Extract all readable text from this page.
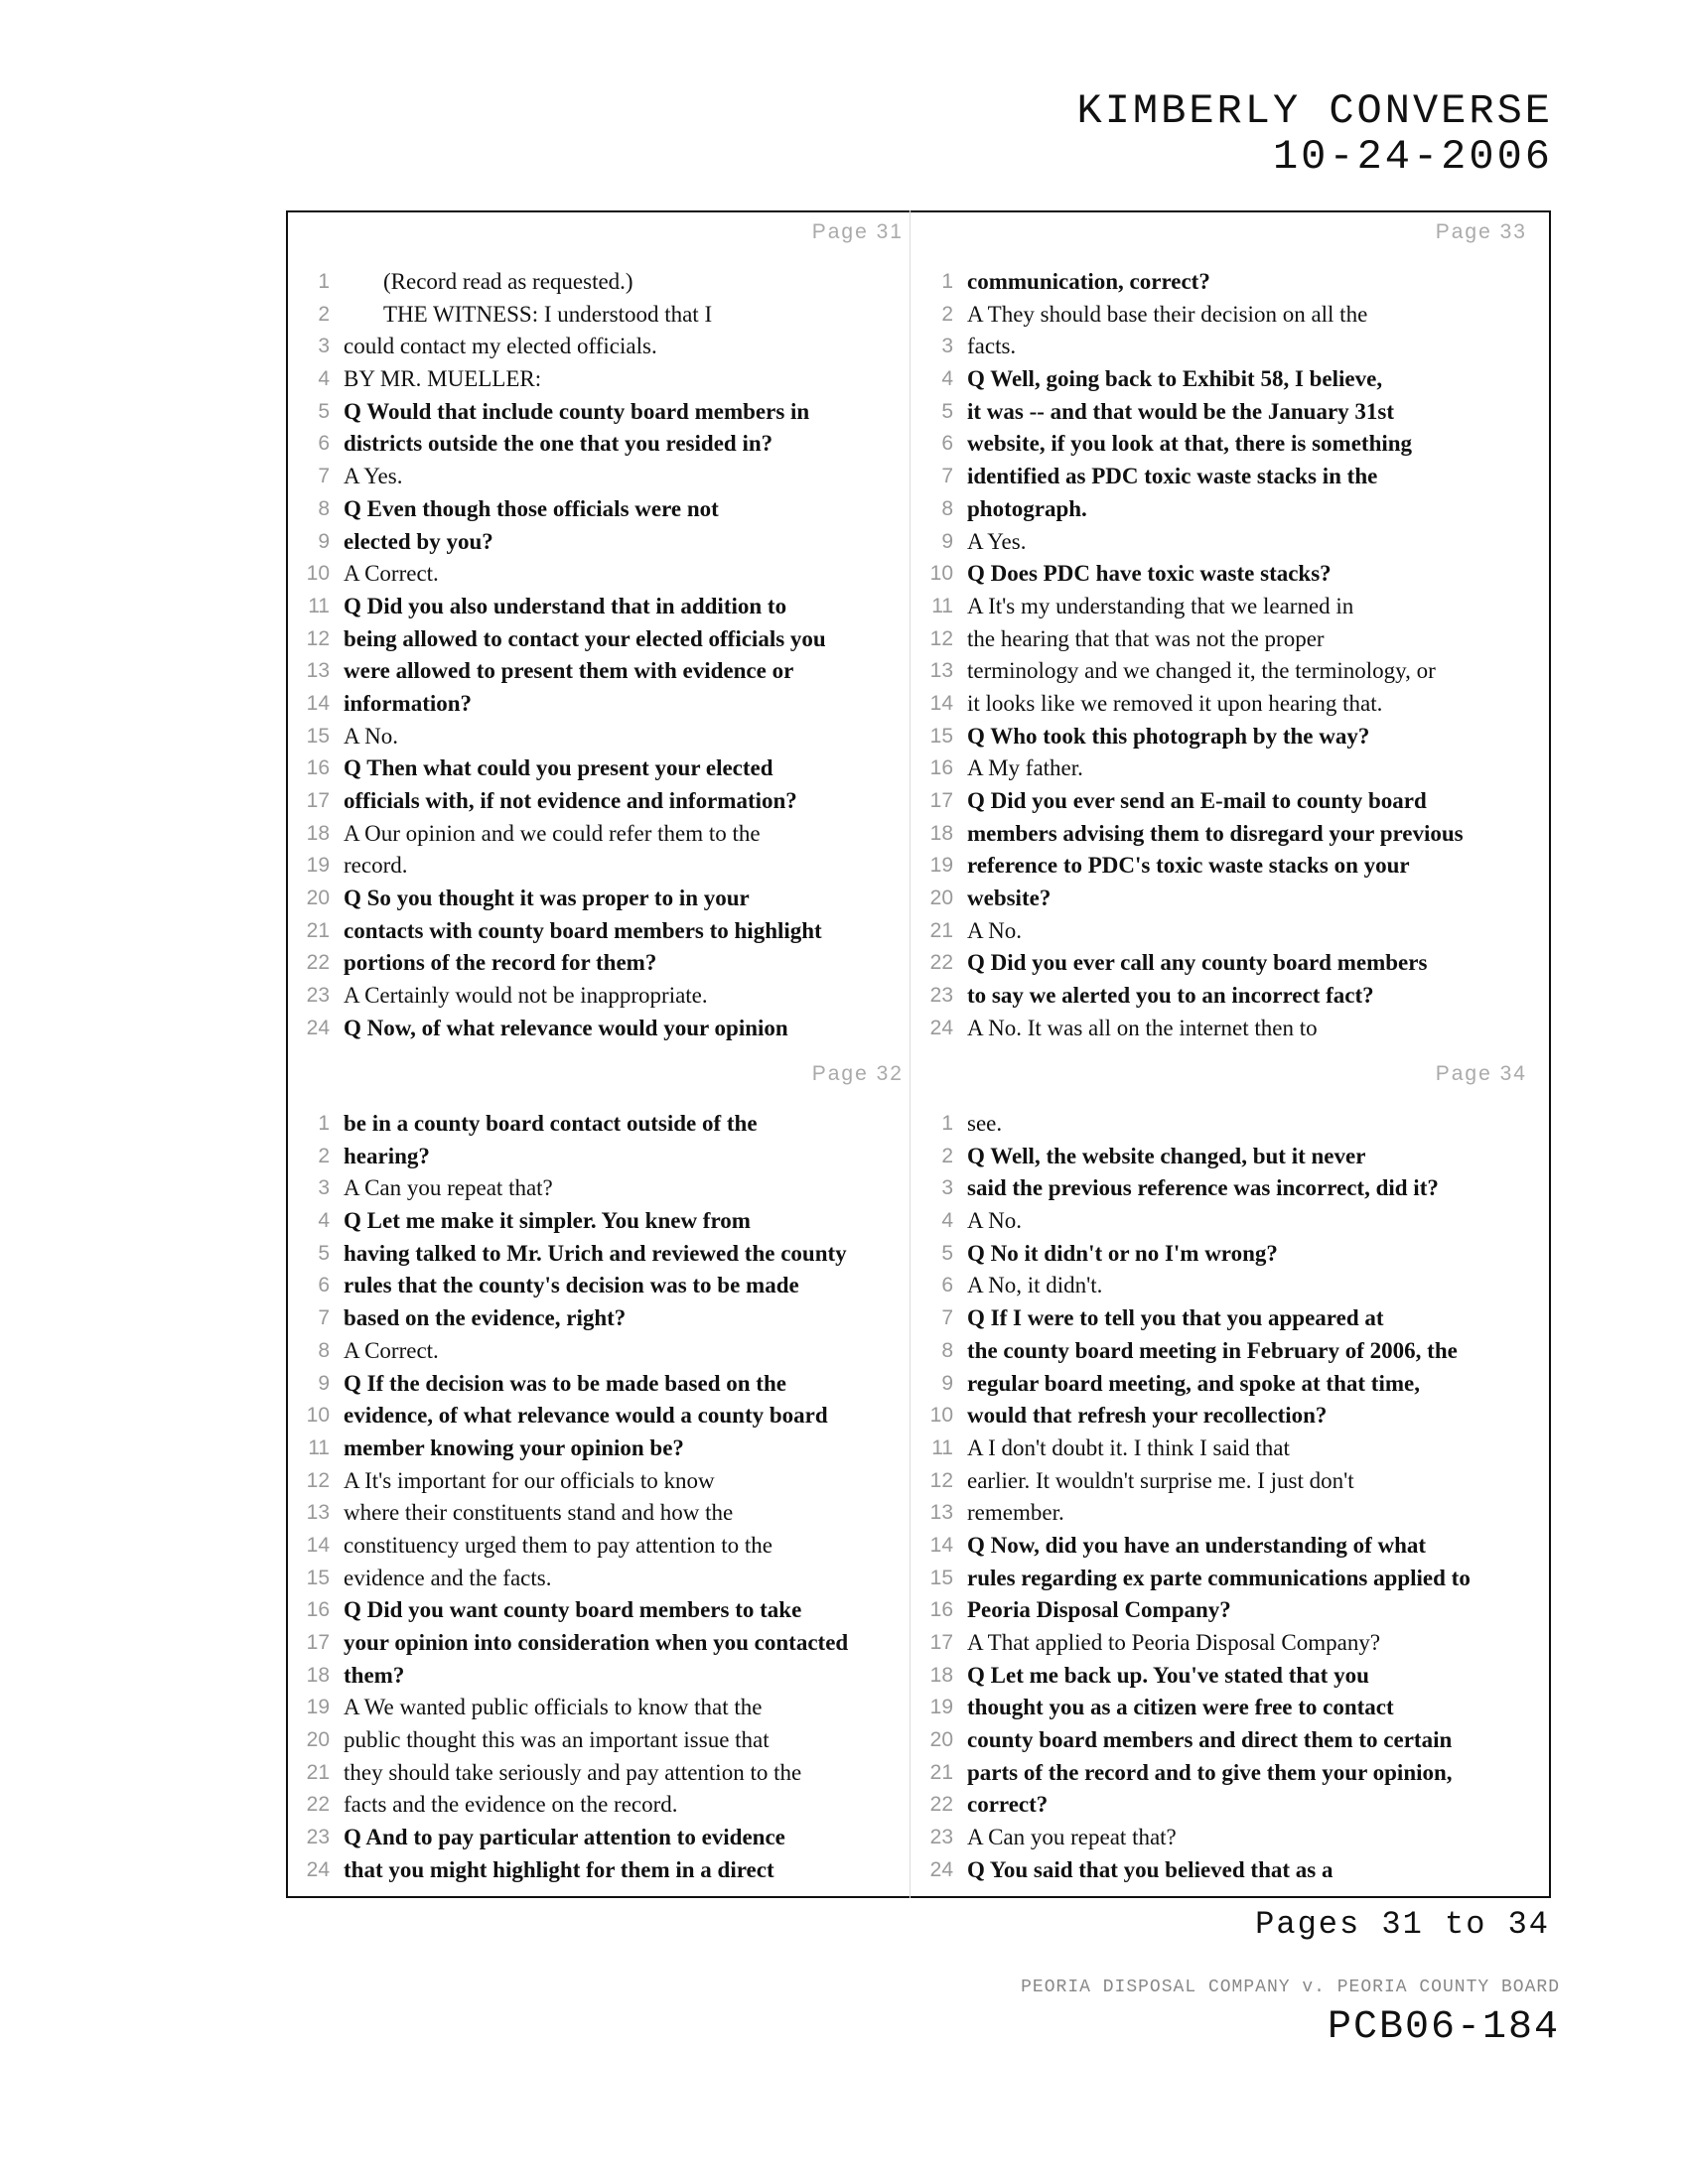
KIMBERLY CONVERSE
10-24-2006
Page 31
1 (Record read as requested.)
2 THE WITNESS: I understood that I
3 could contact my elected officials.
4 BY MR. MUELLER:
5 Q Would that include county board members in
6 districts outside the one that you resided in?
7 A Yes.
8 Q Even though those officials were not
9 elected by you?
10 A Correct.
11 Q Did you also understand that in addition to
12 being allowed to contact your elected officials you
13 were allowed to present them with evidence or
14 information?
15 A No.
16 Q Then what could you present your elected
17 officials with, if not evidence and information?
18 A Our opinion and we could refer them to the
19 record.
20 Q So you thought it was proper to in your
21 contacts with county board members to highlight
22 portions of the record for them?
23 A Certainly would not be inappropriate.
24 Q Now, of what relevance would your opinion
Page 33
1 communication, correct?
2 A They should base their decision on all the
3 facts.
4 Q Well, going back to Exhibit 58, I believe,
5 it was -- and that would be the January 31st
6 website, if you look at that, there is something
7 identified as PDC toxic waste stacks in the
8 photograph.
9 A Yes.
10 Q Does PDC have toxic waste stacks?
11 A It's my understanding that we learned in
12 the hearing that that was not the proper
13 terminology and we changed it, the terminology, or
14 it looks like we removed it upon hearing that.
15 Q Who took this photograph by the way?
16 A My father.
17 Q Did you ever send an E-mail to county board
18 members advising them to disregard your previous
19 reference to PDC's toxic waste stacks on your
20 website?
21 A No.
22 Q Did you ever call any county board members
23 to say we alerted you to an incorrect fact?
24 A No. It was all on the internet then to
Page 32
1 be in a county board contact outside of the
2 hearing?
3 A Can you repeat that?
4 Q Let me make it simpler. You knew from
5 having talked to Mr. Urich and reviewed the county
6 rules that the county's decision was to be made
7 based on the evidence, right?
8 A Correct.
9 Q If the decision was to be made based on the
10 evidence, of what relevance would a county board
11 member knowing your opinion be?
12 A It's important for our officials to know
13 where their constituents stand and how the
14 constituency urged them to pay attention to the
15 evidence and the facts.
16 Q Did you want county board members to take
17 your opinion into consideration when you contacted
18 them?
19 A We wanted public officials to know that the
20 public thought this was an important issue that
21 they should take seriously and pay attention to the
22 facts and the evidence on the record.
23 Q And to pay particular attention to evidence
24 that you might highlight for them in a direct
Page 34
1 see.
2 Q Well, the website changed, but it never
3 said the previous reference was incorrect, did it?
4 A No.
5 Q No it didn't or no I'm wrong?
6 A No, it didn't.
7 Q If I were to tell you that you appeared at
8 the county board meeting in February of 2006, the
9 regular board meeting, and spoke at that time,
10 would that refresh your recollection?
11 A I don't doubt it. I think I said that
12 earlier. It wouldn't surprise me. I just don't
13 remember.
14 Q Now, did you have an understanding of what
15 rules regarding ex parte communications applied to
16 Peoria Disposal Company?
17 A That applied to Peoria Disposal Company?
18 Q Let me back up. You've stated that you
19 thought you as a citizen were free to contact
20 county board members and direct them to certain
21 parts of the record and to give them your opinion,
22 correct?
23 A Can you repeat that?
24 Q You said that you believed that as a
Pages 31 to 34
PEORIA DISPOSAL COMPANY v. PEORIA COUNTY BOARD
PCB06-184
